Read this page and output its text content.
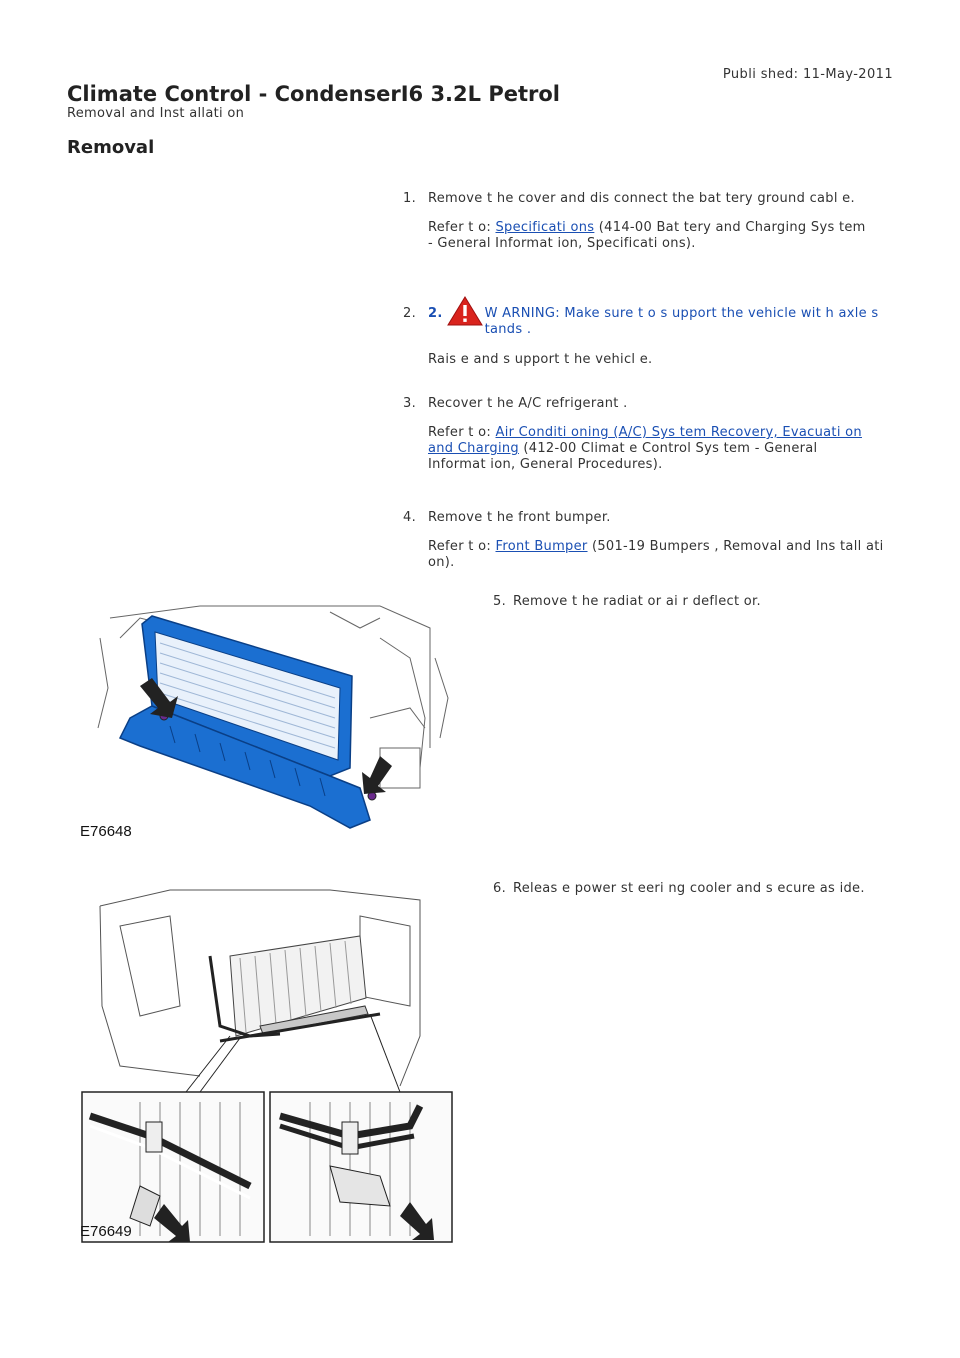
Publi shed: 11-May-2011
Climate Control - CondenserI6 3.2L Petrol
Removal and Inst allati on
Removal
1. Remove t he cover and dis connect the bat tery ground cabl e.

Refer t o: Specificati ons (414-00 Bat tery and Charging Sys tem - General Informat ion, Specificati ons).

2. 2.	W ARNING: Make sure t o s upport the vehicle wit h axle s tands .

Rais e and s upport t he vehicl e.

3. Recover t he A/C refrigerant .

Refer t o: Air Conditi oning (A/C) Sys tem Recovery, Evacuati on and Charging (412-00 Climat e Control Sys tem - General Informat ion, General Procedures).

4. Remove t he front bumper.

Refer t o: Front Bumper (501-19 Bumpers , Removal and Ins tall ati on).

E76648
5. Remove t he radiat or ai r deflect or.

E76649
6. Releas e power st eeri ng cooler and s ecure as ide.
